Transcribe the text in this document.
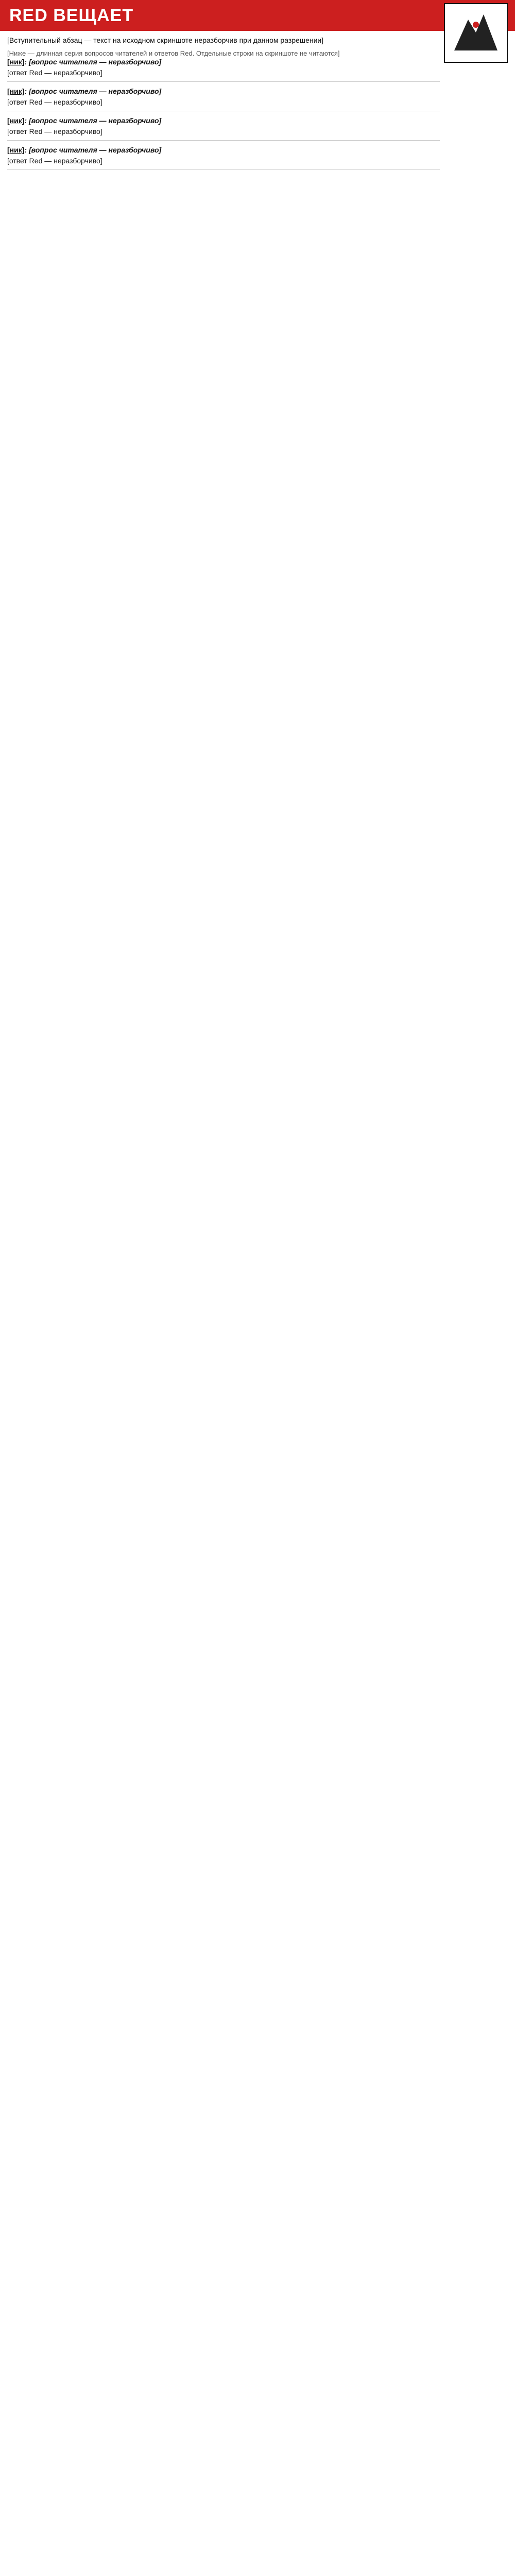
RED ВЕЩАЕТ

[Вступительный абзац — текст на исходном скриншоте неразборчив при данном разрешении]

[Ниже — длинная серия вопросов читателей и ответов Red. Отдельные строки на скриншоте не читаются]

[ник]: [вопрос читателя — неразборчиво]

[ответ Red — неразборчиво]

[ник]: [вопрос читателя — неразборчиво]

[ответ Red — неразборчиво]

[ник]: [вопрос читателя — неразборчиво]

[ответ Red — неразборчиво]

[ник]: [вопрос читателя — неразборчиво]

[ответ Red — неразборчиво]
